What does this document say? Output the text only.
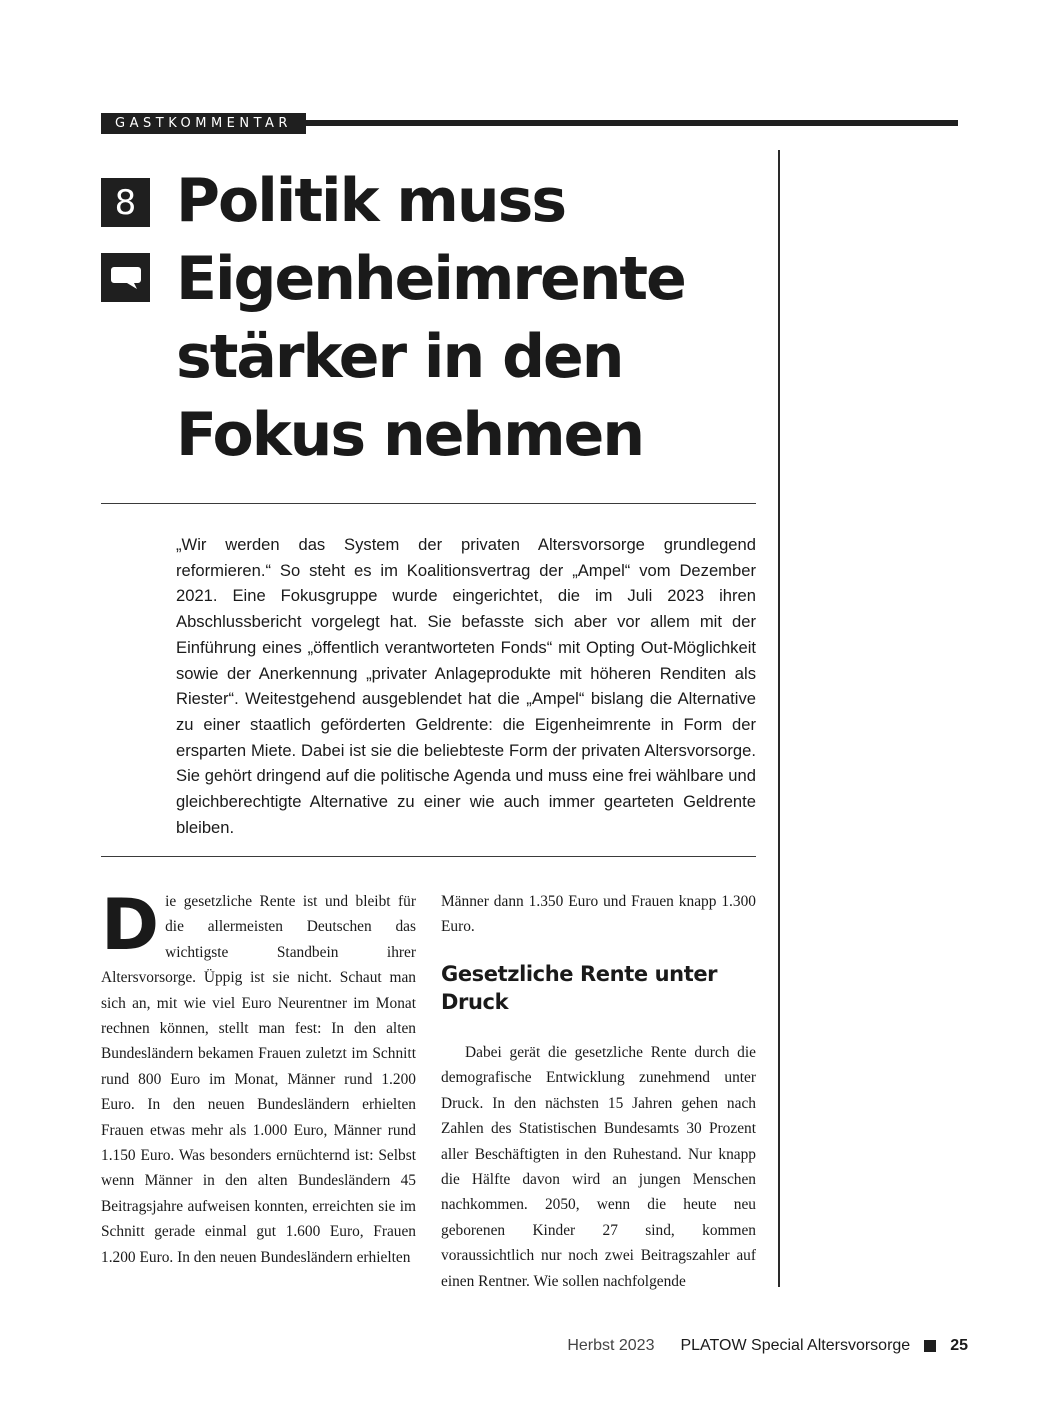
GASTKOMMENTAR
8 Politik muss Eigenheimrente stärker in den Fokus nehmen

„Wir werden das System der privaten Altersvorsorge grundlegend reformieren.“ So steht es im Koalitionsvertrag der „Ampel“ vom Dezember 2021. Eine Fokusgruppe wurde eingerichtet, die im Juli 2023 ihren Abschlussbericht vorgelegt hat. Sie befasste sich aber vor allem mit der Einführung eines „öffentlich verantworteten Fonds“ mit Opting Out-Möglichkeit sowie der Anerkennung „privater Anlageprodukte mit höheren Renditen als Riester“. Weitestgehend ausgeblendet hat die „Ampel“ bislang die Alternative zu einer staatlich geförderten Geldrente: die Eigenheimrente in Form der ersparten Miete. Dabei ist sie die beliebteste Form der privaten Altersvorsorge. Sie gehört dringend auf die politische Agenda und muss eine frei wählbare und gleichberechtigte Alternative zu einer wie auch immer gearteten Geldrente bleiben.

Die gesetzliche Rente ist und bleibt für die allermeisten Deutschen das wichtigste Standbein ihrer Altersvorsorge. Üppig ist sie nicht. Schaut man sich an, mit wie viel Euro Neurentner im Monat rechnen können, stellt man fest: In den alten Bundesländern bekamen Frauen zuletzt im Schnitt rund 800 Euro im Monat, Männer rund 1.200 Euro. In den neuen Bundesländern erhielten Frauen etwas mehr als 1.000 Euro, Männer rund 1.150 Euro. Was besonders ernüchternd ist: Selbst wenn Männer in den alten Bundesländern 45 Beitragsjahre aufweisen konnten, erreichten sie im Schnitt gerade einmal gut 1.600 Euro, Frauen 1.200 Euro. In den neuen Bundesländern erhielten

Männer dann 1.350 Euro und Frauen knapp 1.300 Euro.

Gesetzliche Rente unter Druck

Dabei gerät die gesetzliche Rente durch die demografische Entwicklung zunehmend unter Druck. In den nächsten 15 Jahren gehen nach Zahlen des Statistischen Bundesamts 30 Prozent aller Beschäftigten in den Ruhestand. Nur knapp die Hälfte davon wird an jungen Menschen nachkommen. 2050, wenn die heute neu geborenen Kinder 27 sind, kommen voraussichtlich nur noch zwei Beitragszahler auf einen Rentner. Wie sollen nachfolgende

Herbst 2023 PLATOW Special Altersvorsorge	25
